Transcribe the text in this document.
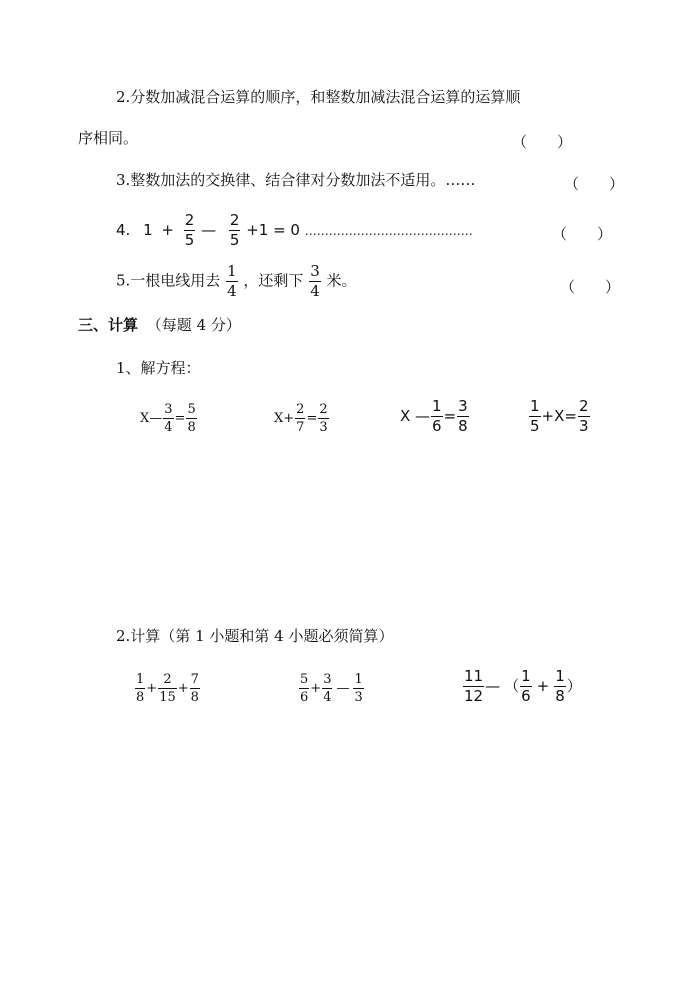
2.分数加减混合运算的顺序，和整数加减法混合运算的运算顺
序相同。	（　　）
3.整数加法的交换律、结合律对分数加法不适用。……	（　　）
4. $1 + \frac{2}{5}$ — $\frac{2}{5} +1 = 0$ ……………………………………	（　　）
5.一根电线用去 $\frac{1}{4}$ ，还剩下 $\frac{3}{4}$ 米。	（　　）
三、计算 （每题 4 分）
1、解方程：
X— $\frac{3}{4} = \frac{5}{8}$	$X+ \frac{2}{7} = \frac{2}{3}$	X — $\frac{1}{6} = \frac{3}{8}$	$\frac{1}{5} +X= \frac{2}{3}$
2.计算（第 1 小题和第 4 小题必须简算）
$\frac{1}{8} + \frac{2}{15} + \frac{7}{8}$	$\frac{5}{6} + \frac{3}{4}$ — $\frac{1}{3}$	$\frac{11}{12}$ — （ $\frac{1}{6} + \frac{1}{8}$ ）
